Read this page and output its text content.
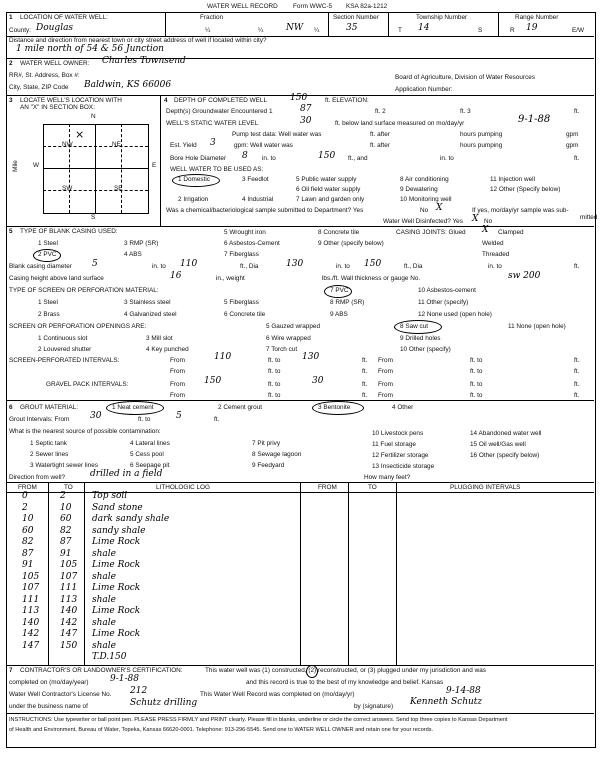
WATER WELL RECORD Form WWC-5 KSA 82a-1212
1 LOCATION OF WATER WELL:	Fraction	Section Number	Township Number	Range Number
County: Douglas	¼	¼	NW ¼	35	T 14	S	R 19	E/W
Distance and direction from nearest town or city street address of well if located within city?
1 mile north of 54 & 56 Junction
2 WATER WELL OWNER: Charles Townsend
RR#, St. Address, Box #:	Board of Agriculture, Division of Water Resources
City, State, ZIP Code Baldwin, KS 66006	Application Number:
3 LOCATE WELL'S LOCATION WITH
AN "X" IN SECTION BOX:
N
S
W	E
NW	NE
SW	SE
Mile
×
4 DEPTH OF COMPLETED WELL	150	ft. ELEVATION:
Depth(s) Groundwater Encountered 1	87	ft. 2	ft. 3	ft.
WELL'S STATIC WATER LEVEL	30	ft. below land surface measured on mo/day/yr	9-1-88
Pump test data: Well water was	ft. after	hours pumping	gpm
Est. Yield 3	gpm: Well water was	ft. after	hours pumping	gpm
Bore Hole Diameter 8 in. to	150 ft., and	in. to	ft.
WELL WATER TO BE USED AS:
1 Domestic	3 Feedlot	5 Public water supply	8 Air conditioning	11 Injection well
6 Oil field water supply	9 Dewatering	12 Other (Specify below)
2 Irrigation	4 Industrial	7 Lawn and garden only	10 Monitoring well
Was a chemical/bacteriological sample submitted to Department? Yes	No X	If yes, mo/day/yr sample was sub-
mitted
Water Well Disinfected? Yes X No
5 TYPE OF BLANK CASING USED:	5 Wrought iron	8 Concrete tile	CASING JOINTS: Glued X Clamped
1 Steel	3 RMP (SR)	6 Asbestos-Cement	9 Other (specify below)	Welded
2 PVC	4 ABS	7 Fiberglass	Threaded
Blank casing diameter 5	in. to 110	ft., Dia	130	in. to 150	ft., Dia	in. to	ft.
Casing height above land surface	16	in., weight	lbs./ft. Wall thickness or gauge No.	sw 200
TYPE OF SCREEN OR PERFORATION MATERIAL:	7 PVC	10 Asbestos-cement
1 Steel	3 Stainless steel	5 Fiberglass	8 RMP (SR)	11 Other (specify)
2 Brass	4 Galvanized steel	6 Concrete tile	9 ABS	12 None used (open hole)
SCREEN OR PERFORATION OPENINGS ARE:	5 Gauzed wrapped	8 Saw cut	11 None (open hole)
1 Continuous slot	3 Mill slot	6 Wire wrapped	9 Drilled holes
2 Louvered shutter	4 Key punched	7 Torch cut	10 Other (specify)
SCREEN-PERFORATED INTERVALS:	From	110	ft. to 130	ft. From	ft. to	ft.
From	ft. to	ft. From	ft. to	ft.
GRAVEL PACK INTERVALS:	From 150	ft. to	30	ft. From	ft. to	ft.
From	ft. to	ft. From	ft. to	ft.
6 GROUT MATERIAL:	1 Neat cement	2 Cement grout	3 Bentonite	4 Other
Grout Intervals: From 30	ft. to	5	ft.
What is the nearest source of possible contamination:
1 Septic tank	4 Lateral lines	7 Pit privy
10 Livestock pens	14 Abandoned water well
2 Sewer lines	5 Cess pool	8 Sewage lagoon
11 Fuel storage	15 Oil well/Gas well
3 Watertight sewer lines	6 Seepage pit	9 Feedyard
12 Fertilizer storage	16 Other (specify below)
13 Insecticide storage
Direction from well?	drilled in a field	How many feet?
FROM	TO	LITHOLOGIC LOG	FROM	TO	PLUGGING INTERVALS
0	2	Top soil
2	10 Sand stone
10	60 dark sandy shale
60	82 sandy shale
82	87 Lime Rock
87	91 shale
91	105 Lime Rock
105 107 shale
107 111 Lime Rock
111 113 shale
113 140 Lime Rock
140 142 shale
142 147 Lime Rock
147 150 shale
T.D.150
7 CONTRACTOR'S OR LANDOWNER'S CERTIFICATION:	This water well was (1) constructed, (2) reconstructed, or (3) plugged under my jurisdiction and was
completed on (mo/day/year) 9-1-88	and this record is true to the best of my knowledge and belief. Kansas
Water Well Contractor's License No. 212	This Water Well Record was completed on (mo/day/yr)	9-14-88
under the business name of	Schutz drilling	by (signature) Kenneth Schutz
INSTRUCTIONS: Use typewriter or ball point pen. PLEASE PRESS FIRMLY and PRINT clearly. Please fill in blanks, underline or circle the correct answers. Send top three copies to Kansas Department
of Health and Environment, Bureau of Water, Topeka, Kansas 66620-0001. Telephone: 913-296-5545. Send one to WATER WELL OWNER and retain one for your records.
